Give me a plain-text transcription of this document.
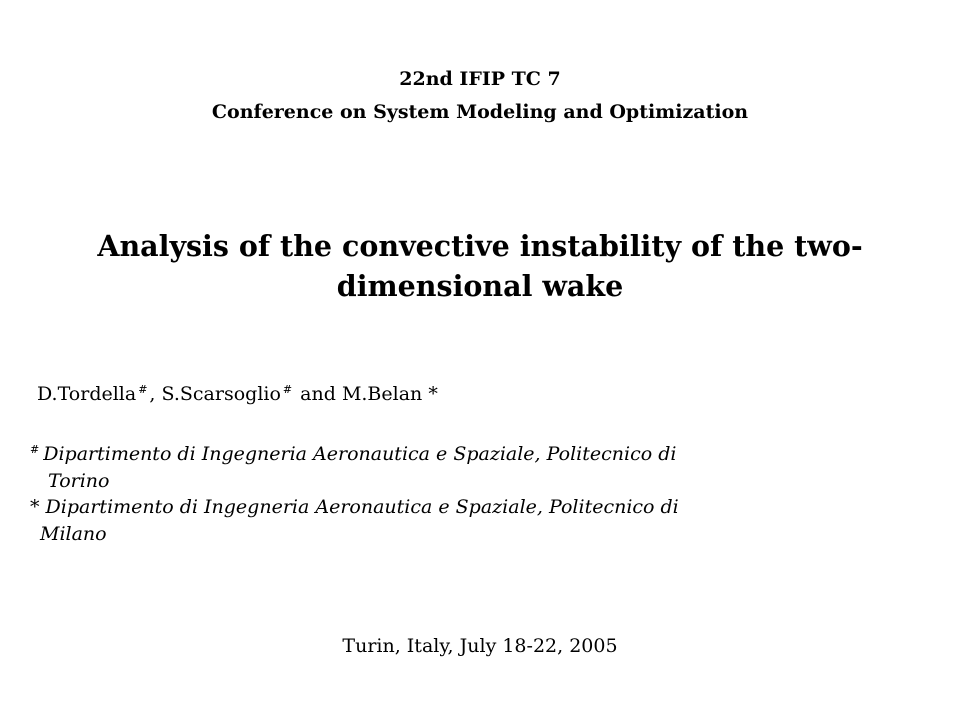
22nd IFIP TC 7
Conference on System Modeling and Optimization
Analysis of the convective instability of the two-
dimensional wake
D.Tordella # , S.Scarsoglio # and M.Belan *
# Dipartimento di Ingegneria Aeronautica e Spaziale, Politecnico di
Torino
* Dipartimento di Ingegneria Aeronautica e Spaziale, Politecnico di
Milano
Turin, Italy, July 18-22, 2005
